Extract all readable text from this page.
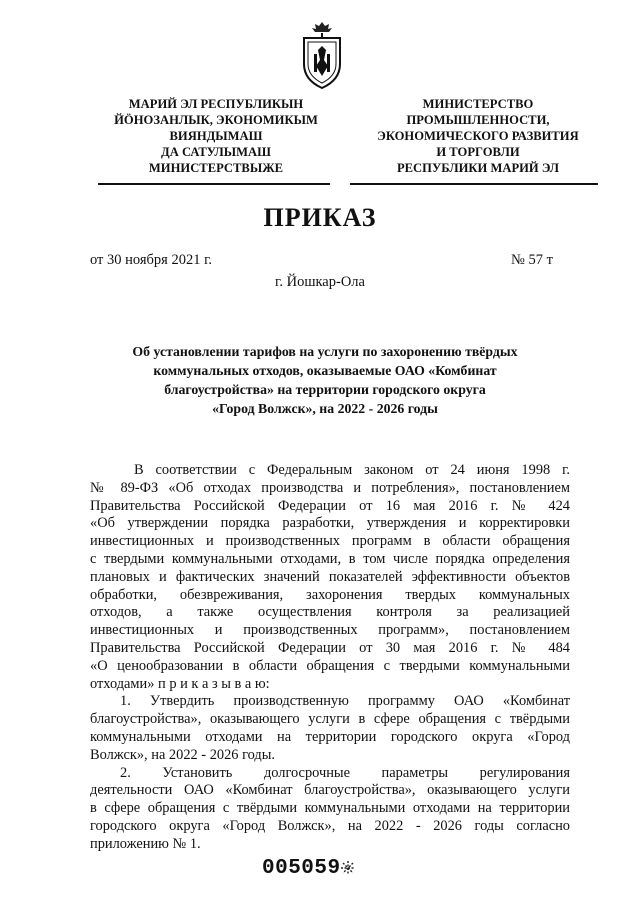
МАРИЙ ЭЛ РЕСПУБЛИКЫН
ЙӦНОЗАНЛЫК, ЭКОНОМИКЫМ
ВИЯНДЫМАШ
ДА САТУЛЫМАШ
МИНИСТЕРСТВЫЖЕ
МИНИСТЕРСТВО
ПРОМЫШЛЕННОСТИ,
ЭКОНОМИЧЕСКОГО РАЗВИТИЯ
И ТОРГОВЛИ
РЕСПУБЛИКИ МАРИЙ ЭЛ
ПРИКАЗ
от 30 ноября 2021 г.	№ 57 т
г. Йошкар-Ола
Об установлении тарифов на услуги по захоронению твёрдых
коммунальных отходов, оказываемые ОАО «Комбинат
благоустройства» на территории городского округа
«Город Волжск», на 2022 - 2026 годы
В соответствии с Федеральным законом от 24 июня 1998 г.
№ 89-ФЗ «Об отходах производства и потребления», постановлением
Правительства Российской Федерации от 16 мая 2016 г. № 424
«Об утверждении порядка разработки, утверждения и корректировки
инвестиционных и производственных программ в области обращения
с твердыми коммунальными отходами, в том числе порядка определения
плановых и фактических значений показателей эффективности объектов
обработки, обезвреживания, захоронения твердых коммунальных
отходов, а также осуществления контроля за реализацией
инвестиционных и производственных программ», постановлением
Правительства Российской Федерации от 30 мая 2016 г. № 484
«О ценообразовании в области обращения с твердыми коммунальными
отходами» п р и к а з ы в а ю:
1. Утвердить производственную программу ОАО «Комбинат
благоустройства», оказывающего услуги в сфере обращения с твёрдыми
коммунальными отходами на территории городского округа «Город
Волжск», на 2022 - 2026 годы.
2. Установить долгосрочные параметры регулирования
деятельности ОАО «Комбинат благоустройства», оказывающего услуги
в сфере обращения с твёрдыми коммунальными отходами на территории
городского округа «Город Волжск», на 2022 - 2026 годы согласно
приложению № 1.
005059
